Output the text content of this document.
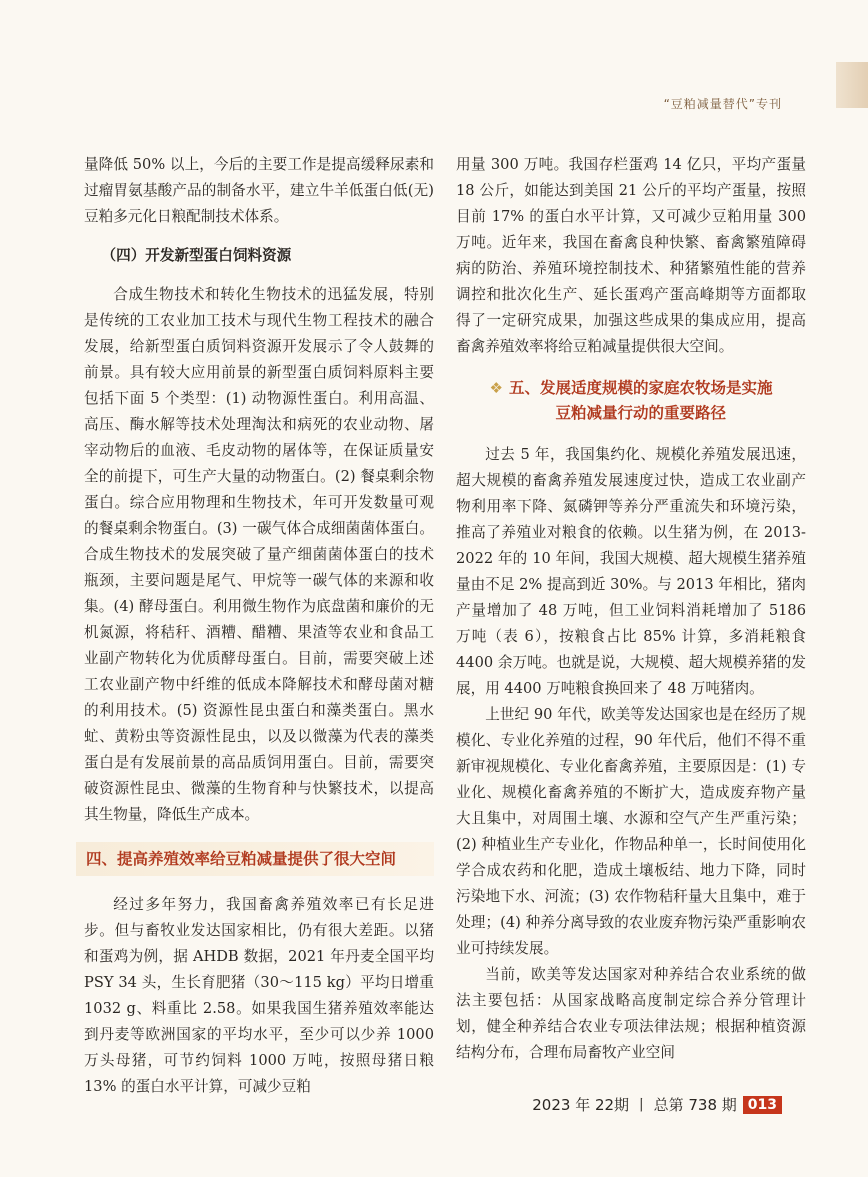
“豆粕减量替代”专刊

量降低 50% 以上，今后的主要工作是提高缓释尿素和过瘤胃氨基酸产品的制备水平，建立牛羊低蛋白低(无)豆粕多元化日粮配制技术体系。

（四）开发新型蛋白饲料资源

合成生物技术和转化生物技术的迅猛发展，特别是传统的工农业加工技术与现代生物工程技术的融合发展，给新型蛋白质饲料资源开发展示了令人鼓舞的前景。具有较大应用前景的新型蛋白质饲料原料主要包括下面 5 个类型：(1) 动物源性蛋白。利用高温、高压、酶水解等技术处理淘汰和病死的农业动物、屠宰动物后的血液、毛皮动物的屠体等，在保证质量安全的前提下，可生产大量的动物蛋白。(2) 餐桌剩余物蛋白。综合应用物理和生物技术，年可开发数量可观的餐桌剩余物蛋白。(3) 一碳气体合成细菌菌体蛋白。合成生物技术的发展突破了量产细菌菌体蛋白的技术瓶颈，主要问题是尾气、甲烷等一碳气体的来源和收集。(4) 酵母蛋白。利用微生物作为底盘菌和廉价的无机氮源，将秸秆、酒糟、醋糟、果渣等农业和食品工业副产物转化为优质酵母蛋白。目前，需要突破上述工农业副产物中纤维的低成本降解技术和酵母菌对糖的利用技术。(5) 资源性昆虫蛋白和藻类蛋白。黑水虻、黄粉虫等资源性昆虫，以及以微藻为代表的藻类蛋白是有发展前景的高品质饲用蛋白。目前，需要突破资源性昆虫、微藻的生物育种与快繁技术，以提高其生物量，降低生产成本。

四、提高养殖效率给豆粕减量提供了很大空间

经过多年努力，我国畜禽养殖效率已有长足进步。但与畜牧业发达国家相比，仍有很大差距。以猪和蛋鸡为例，据 AHDB 数据，2021 年丹麦全国平均 PSY 34 头，生长育肥猪（30～115 kg）平均日增重 1032 g、料重比 2.58。如果我国生猪养殖效率能达到丹麦等欧洲国家的平均水平，至少可以少养 1000 万头母猪，可节约饲料 1000 万吨，按照母猪日粮 13% 的蛋白水平计算，可减少豆粕

用量 300 万吨。我国存栏蛋鸡 14 亿只，平均产蛋量 18 公斤，如能达到美国 21 公斤的平均产蛋量，按照目前 17% 的蛋白水平计算，又可减少豆粕用量 300 万吨。近年来，我国在畜禽良种快繁、畜禽繁殖障碍病的防治、养殖环境控制技术、种猪繁殖性能的营养调控和批次化生产、延长蛋鸡产蛋高峰期等方面都取得了一定研究成果，加强这些成果的集成应用，提高畜禽养殖效率将给豆粕减量提供很大空间。

❖ 五、发展适度规模的家庭农牧场是实施
豆粕减量行动的重要路径

过去 5 年，我国集约化、规模化养殖发展迅速，超大规模的畜禽养殖发展速度过快，造成工农业副产物利用率下降、氮磷钾等养分严重流失和环境污染，推高了养殖业对粮食的依赖。以生猪为例，在 2013-2022 年的 10 年间，我国大规模、超大规模生猪养殖量由不足 2% 提高到近 30%。与 2013 年相比，猪肉产量增加了 48 万吨，但工业饲料消耗增加了 5186 万吨（表 6），按粮食占比 85% 计算，多消耗粮食 4400 余万吨。也就是说，大规模、超大规模养猪的发展，用 4400 万吨粮食换回来了 48 万吨猪肉。

上世纪 90 年代，欧美等发达国家也是在经历了规模化、专业化养殖的过程，90 年代后，他们不得不重新审视规模化、专业化畜禽养殖，主要原因是：(1) 专业化、规模化畜禽养殖的不断扩大，造成废弃物产量大且集中，对周围土壤、水源和空气产生严重污染；(2) 种植业生产专业化，作物品种单一，长时间使用化学合成农药和化肥，造成土壤板结、地力下降，同时污染地下水、河流；(3) 农作物秸秆量大且集中，难于处理；(4) 种养分离导致的农业废弃物污染严重影响农业可持续发展。

当前，欧美等发达国家对种养结合农业系统的做法主要包括：从国家战略高度制定综合养分管理计划，健全种养结合农业专项法律法规；根据种植资源结构分布，合理布局畜牧产业空间

2023 年 22期 丨 总第 738 期 013
